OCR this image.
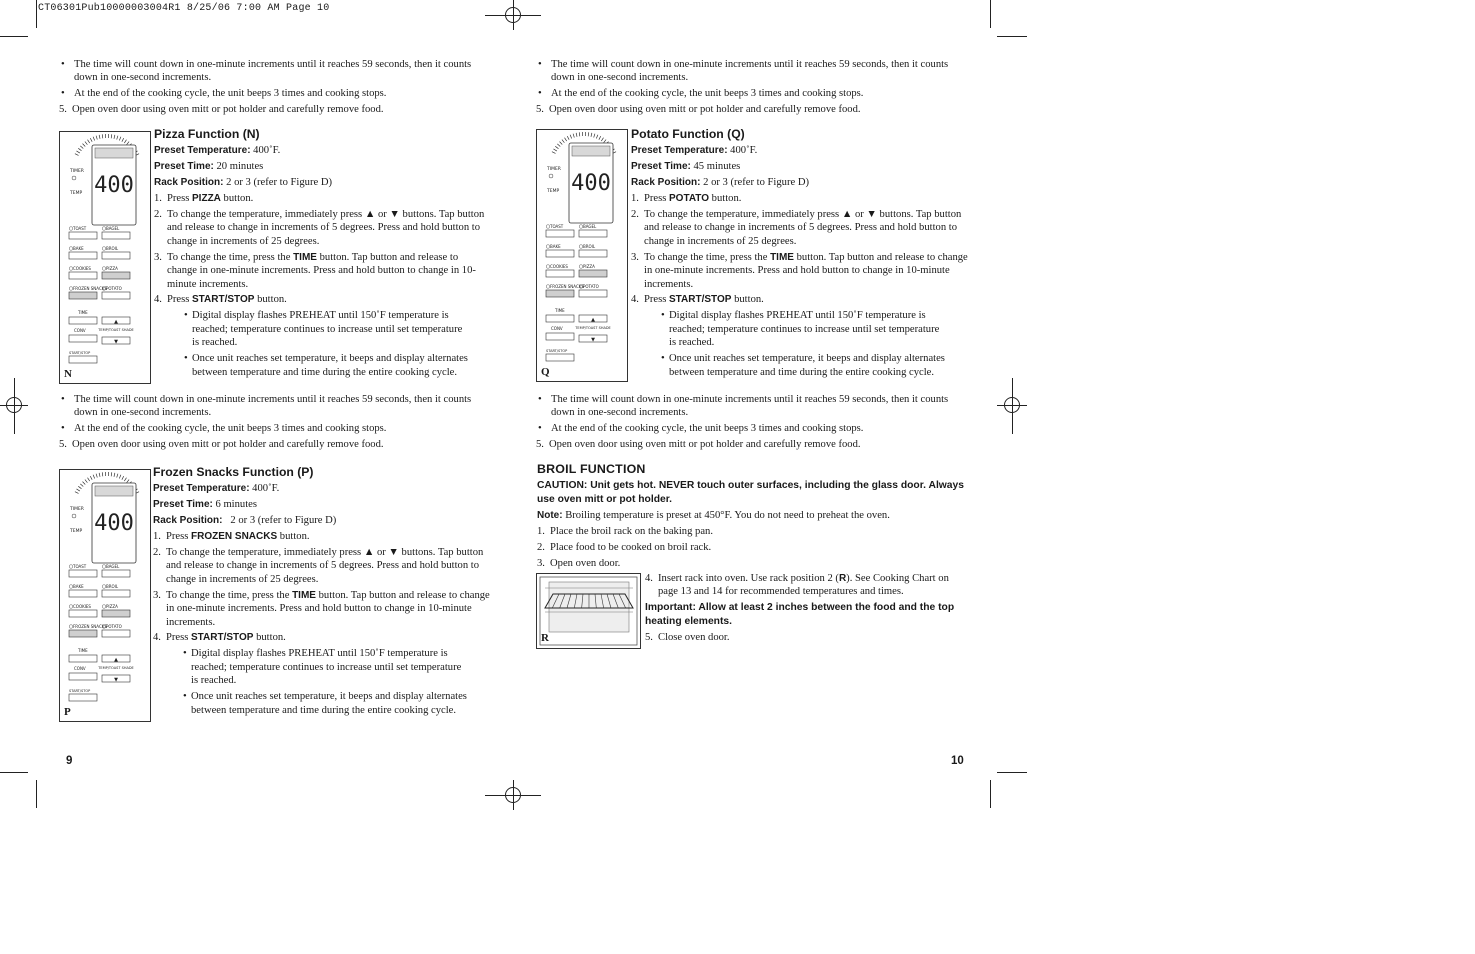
CT06301Pub10000003004R1 8/25/06 7:00 AM Page 10
• The time will count down in one-minute increments until it reaches 59 seconds, then it counts down in one-second increments.
• At the end of the cooking cycle, the unit beeps 3 times and cooking stops.
5. Open oven door using oven mitt or pot holder and carefully remove food.
400
TIMER
TEMP
TOAST	BAGEL
BAKE	BROIL
COOKIES	PIZZA
FROZEN SNACKS POTATO
TIME
▲
CONV	TEMP/TOAST SHADE
▼
START/STOP
N
Pizza Function (N)
Preset Temperature: 400˚F.
Preset Time: 20 minutes
Rack Position: 2 or 3 (refer to Figure D)
1. Press PIZZA button.
2. To change the temperature, immediately press ▲ or ▼ buttons. Tap button and release to change in increments of 5 degrees. Press and hold button to change in increments of 25 degrees.
3. To change the time, press the TIME button. Tap button and release to change in one-minute increments. Press and hold button to change in 10-minute increments.
4. Press START/STOP button.
• Digital display flashes PREHEAT until 150˚F temperature is reached; temperature continues to increase until set temperature is reached.
• Once unit reaches set temperature, it beeps and display alternates between temperature and time during the entire cooking cycle.
• The time will count down in one-minute increments until it reaches 59 seconds, then it counts down in one-second increments.
• At the end of the cooking cycle, the unit beeps 3 times and cooking stops.
5. Open oven door using oven mitt or pot holder and carefully remove food.
400
TIMER
TEMP
TOAST	BAGEL
BAKE	BROIL
COOKIES	PIZZA
FROZEN SNACKS POTATO
TIME
▲
CONV	TEMP/TOAST SHADE
▼
START/STOP
P
Frozen Snacks Function (P)
Preset Temperature: 400˚F.
Preset Time: 6 minutes
Rack Position:   2 or 3 (refer to Figure D)
1. Press FROZEN SNACKS button.
2. To change the temperature, immediately press ▲ or ▼ buttons. Tap button and release to change in increments of 5 degrees. Press and hold button to change in increments of 25 degrees.
3. To change the time, press the TIME button. Tap button and release to change in one-minute increments. Press and hold button to change in 10-minute increments.
4. Press START/STOP button.
• Digital display flashes PREHEAT until 150˚F temperature is reached; temperature continues to increase until set temperature is reached.
• Once unit reaches set temperature, it beeps and display alternates between temperature and time during the entire cooking cycle.
9
• The time will count down in one-minute increments until it reaches 59 seconds, then it counts down in one-second increments.
• At the end of the cooking cycle, the unit beeps 3 times and cooking stops.
5. Open oven door using oven mitt or pot holder and carefully remove food.
400
TIMER
TEMP
TOAST	BAGEL
BAKE	BROIL
COOKIES	PIZZA
FROZEN SNACKS POTATO
TIME
▲
CONV	TEMP/TOAST SHADE
▼
START/STOP
Q
Potato Function (Q)
Preset Temperature: 400˚F.
Preset Time: 45 minutes
Rack Position: 2 or 3 (refer to Figure D)
1. Press POTATO button.
2. To change the temperature, immediately press ▲ or ▼ buttons. Tap button and release to change in increments of 5 degrees. Press and hold button to change in increments of 25 degrees.
3. To change the time, press the TIME button. Tap button and release to change in one-minute increments. Press and hold button to change in 10-minute increments.
4. Press START/STOP button.
• Digital display flashes PREHEAT until 150˚F temperature is reached; temperature continues to increase until set temperature is reached.
• Once unit reaches set temperature, it beeps and display alternates between temperature and time during the entire cooking cycle.
• The time will count down in one-minute increments until it reaches 59 seconds, then it counts down in one-second increments.
• At the end of the cooking cycle, the unit beeps 3 times and cooking stops.
5. Open oven door using oven mitt or pot holder and carefully remove food.
BROIL FUNCTION
CAUTION: Unit gets hot. NEVER touch outer surfaces, including the glass door. Always use oven mitt or pot holder.
Note: Broiling temperature is preset at 450°F. You do not need to preheat the oven.
1. Place the broil rack on the baking pan.
2. Place food to be cooked on broil rack.
3. Open oven door.
R
4. Insert rack into oven. Use rack position 2 (R). See Cooking Chart on page 13 and 14 for recommended temperatures and times.
Important: Allow at least 2 inches between the food and the top heating elements.
5. Close oven door.
10
